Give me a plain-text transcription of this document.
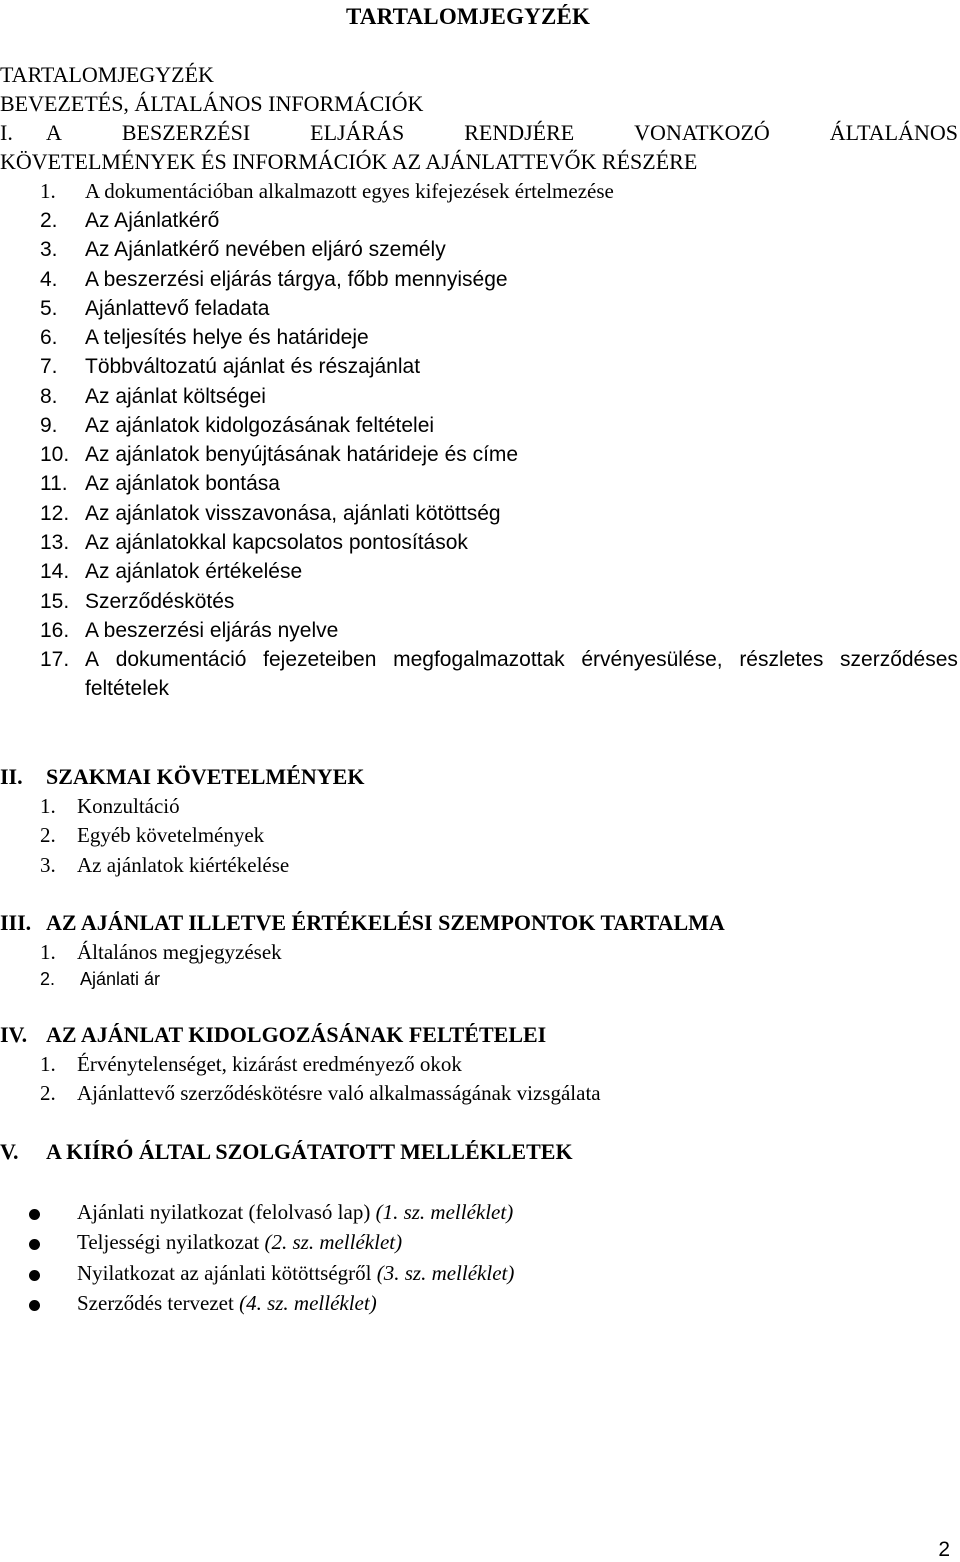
TARTALOMJEGYZÉK
TARTALOMJEGYZÉK
BEVEZETÉS, ÁLTALÁNOS INFORMÁCIÓK
I. A	BESZERZÉSI	ELJÁRÁS	RENDJÉRE	VONATKOZÓ	ÁLTALÁNOS
KÖVETELMÉNYEK ÉS INFORMÁCIÓK AZ AJÁNLATTEVŐK RÉSZÉRE
1. A dokumentációban alkalmazott egyes kifejezések értelmezése
2. Az Ajánlatkérő
3. Az Ajánlatkérő nevében eljáró személy
4. A beszerzési eljárás tárgya, főbb mennyisége
5. Ajánlattevő feladata
6. A teljesítés helye és határideje
7. Többváltozatú ajánlat és részajánlat
8. Az ajánlat költségei
9. Az ajánlatok kidolgozásának feltételei
10. Az ajánlatok benyújtásának határideje és címe
11. Az ajánlatok bontása
12. Az ajánlatok visszavonása, ajánlati kötöttség
13. Az ajánlatokkal kapcsolatos pontosítások
14. Az ajánlatok értékelése
15. Szerződéskötés
16. A beszerzési eljárás nyelve
17. A dokumentáció fejezeteiben megfogalmazottak érvényesülése, részletes szerződéses
feltételek
II. SZAKMAI KÖVETELMÉNYEK
1. Konzultáció
2. Egyéb követelmények
3. Az ajánlatok kiértékelése
III. AZ AJÁNLAT ILLETVE ÉRTÉKELÉSI SZEMPONTOK TARTALMA
1. Általános megjegyzések
2. Ajánlati ár
IV. AZ AJÁNLAT KIDOLGOZÁSÁNAK FELTÉTELEI
1. Érvénytelenséget, kizárást eredményező okok
2. Ajánlattevő szerződéskötésre való alkalmasságának vizsgálata
V. A KIÍRÓ ÁLTAL SZOLGÁTATOTT MELLÉKLETEK
Ajánlati nyilatkozat (felolvasó lap) (1. sz. melléklet)
Teljességi nyilatkozat (2. sz. melléklet)
Nyilatkozat az ajánlati kötöttségről (3. sz. melléklet)
Szerződés tervezet (4. sz. melléklet)
2
